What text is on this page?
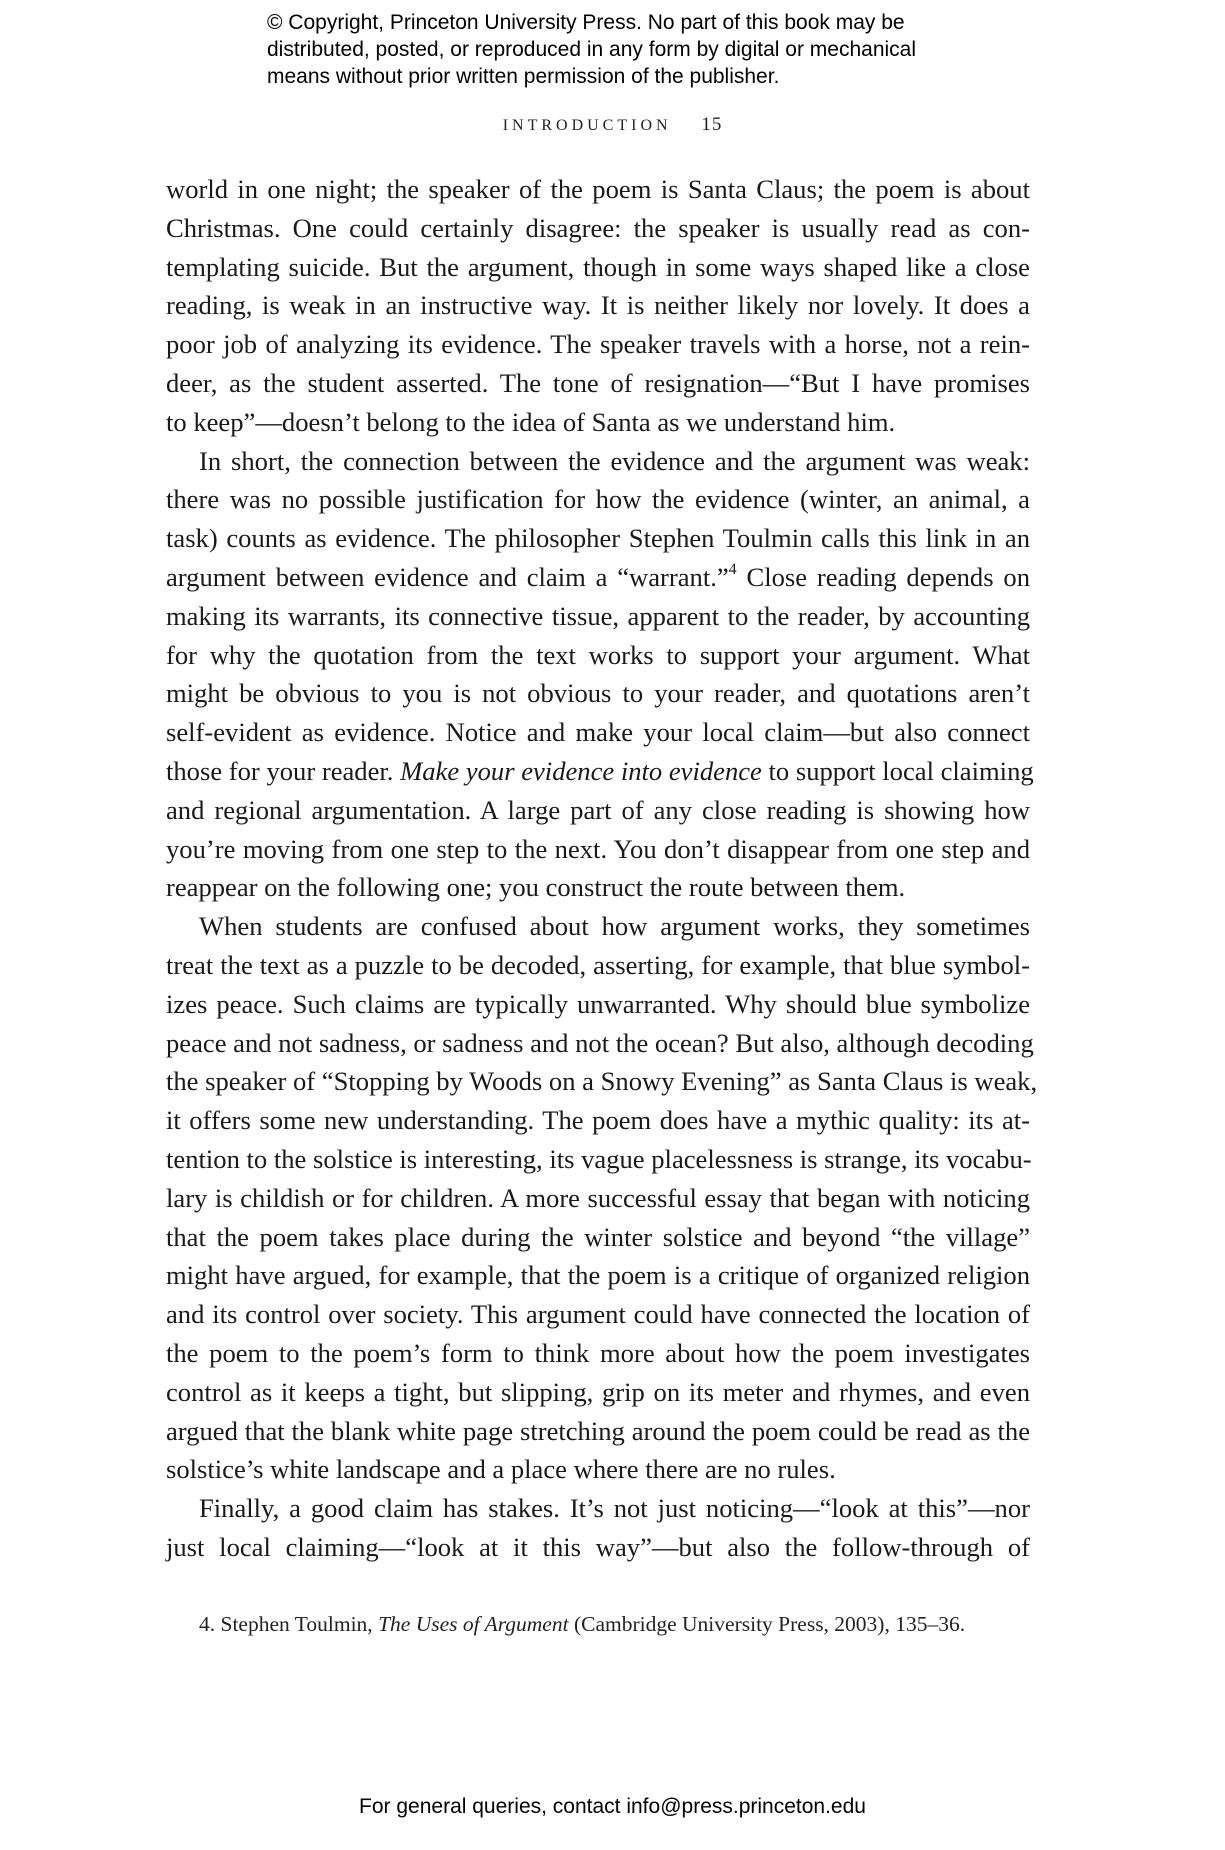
© Copyright, Princeton University Press. No part of this book may be
distributed, posted, or reproduced in any form by digital or mechanical
means without prior written permission of the publisher.
INTRODUCTION 15
world in one night; the speaker of the poem is Santa Claus; the poem is about
Christmas. One could certainly disagree: the speaker is usually read as con-
templating suicide. But the argument, though in some ways shaped like a close
reading, is weak in an instructive way. It is neither likely nor lovely. It does a
poor job of analyzing its evidence. The speaker travels with a horse, not a rein-
deer, as the student asserted. The tone of resignation—“But I have promises
to keep”—doesn’t belong to the idea of Santa as we understand him.
In short, the connection between the evidence and the argument was weak:
there was no possible justification for how the evidence (winter, an animal, a
task) counts as evidence. The philosopher Stephen Toulmin calls this link in an
argument between evidence and claim a “warrant.”$^4$ Close reading depends on
making its warrants, its connective tissue, apparent to the reader, by accounting
for why the quotation from the text works to support your argument. What
might be obvious to you is not obvious to your reader, and quotations aren’t
self-evident as evidence. Notice and make your local claim—but also connect
those for your reader. Make your evidence into evidence to support local claiming
and regional argumentation. A large part of any close reading is showing how
you’re moving from one step to the next. You don’t disappear from one step and
reappear on the following one; you construct the route between them.
When students are confused about how argument works, they sometimes
treat the text as a puzzle to be decoded, asserting, for example, that blue symbol-
izes peace. Such claims are typically unwarranted. Why should blue symbolize
peace and not sadness, or sadness and not the ocean? But also, although decoding
the speaker of “Stopping by Woods on a Snowy Evening” as Santa Claus is weak,
it offers some new understanding. The poem does have a mythic quality: its at-
tention to the solstice is interesting, its vague placelessness is strange, its vocabu-
lary is childish or for children. A more successful essay that began with noticing
that the poem takes place during the winter solstice and beyond “the village”
might have argued, for example, that the poem is a critique of organized religion
and its control over society. This argument could have connected the location of
the poem to the poem’s form to think more about how the poem investigates
control as it keeps a tight, but slipping, grip on its meter and rhymes, and even
argued that the blank white page stretching around the poem could be read as the
solstice’s white landscape and a place where there are no rules.
Finally, a good claim has stakes. It’s not just noticing—“look at this”—nor
just local claiming—“look at it this way”—but also the follow-through of
4. Stephen Toulmin, The Uses of Argument (Cambridge University Press, 2003), 135–36.
For general queries, contact info@press.princeton.edu
